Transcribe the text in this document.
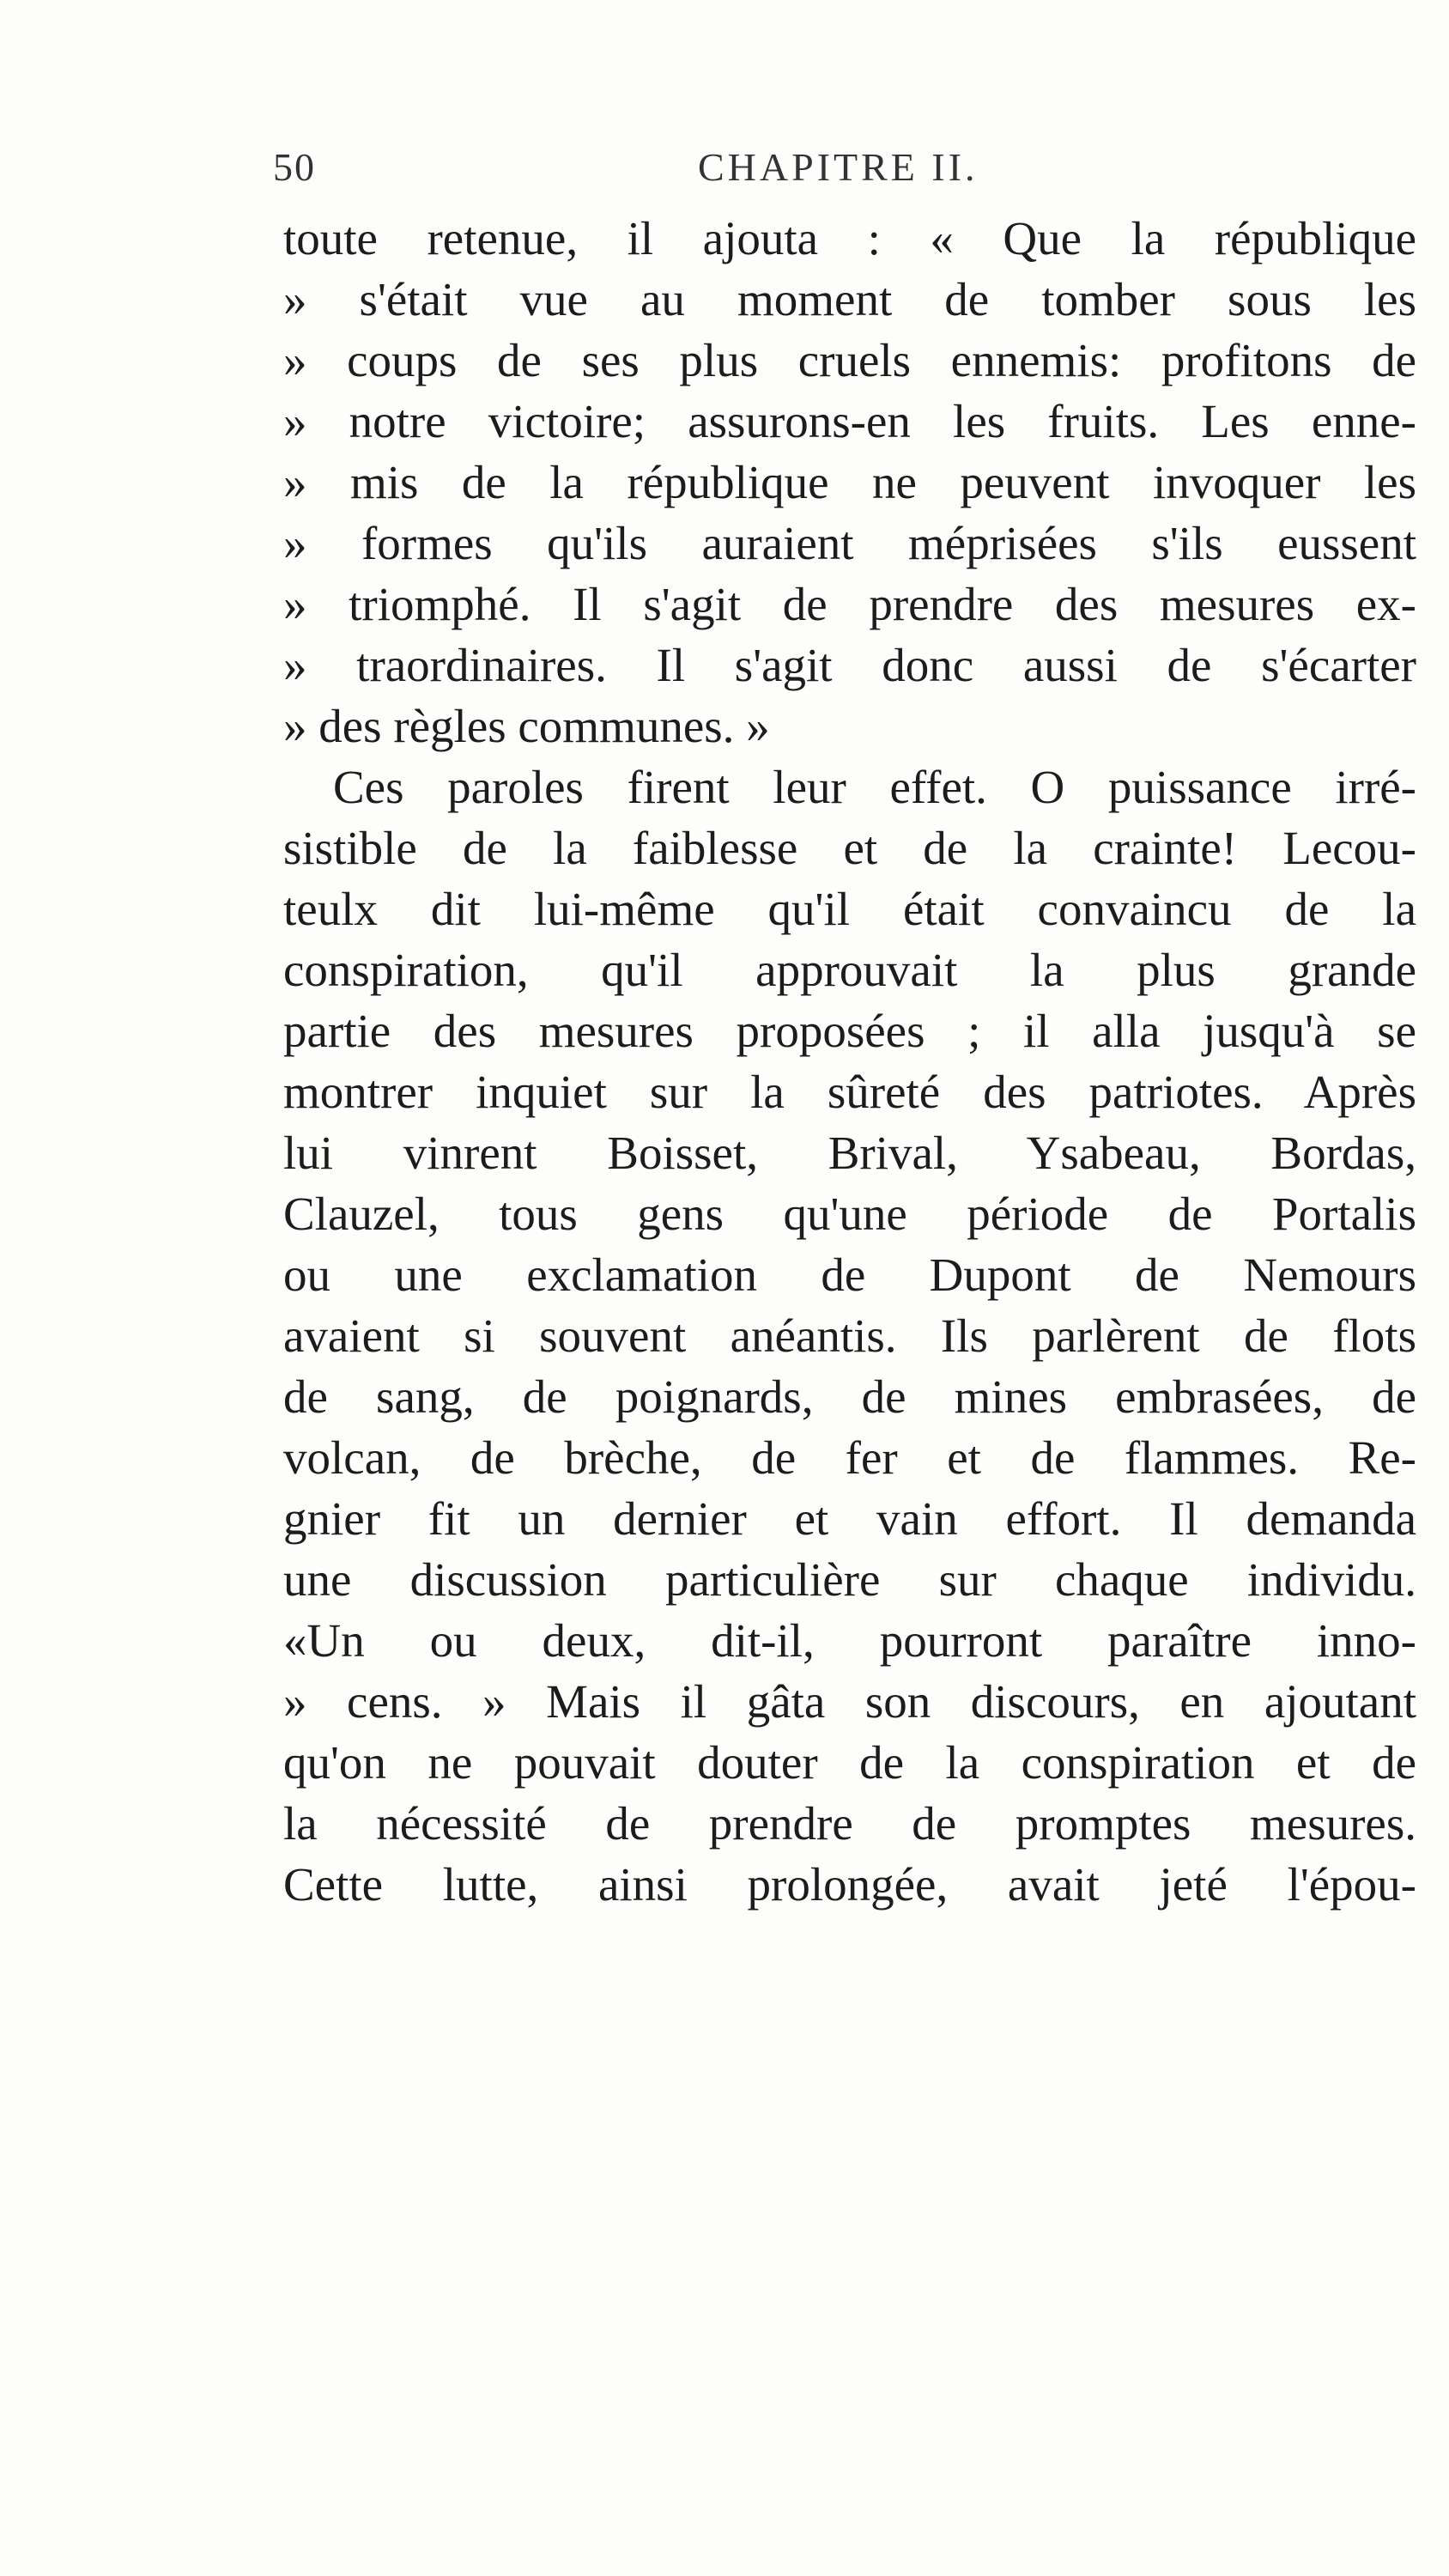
50	CHAPITRE II.
toute retenue, il ajouta : « Que la république
» s'était vue au moment de tomber sous les
» coups de ses plus cruels ennemis: profitons de
» notre victoire; assurons-en les fruits. Les enne-
» mis de la république ne peuvent invoquer les
» formes qu'ils auraient méprisées s'ils eussent
» triomphé. Il s'agit de prendre des mesures ex-
» traordinaires. Il s'agit donc aussi de s'écarter
» des règles communes. »
Ces paroles firent leur effet. O puissance irré-
sistible de la faiblesse et de la crainte! Lecou-
teulx dit lui-même qu'il était convaincu de la
conspiration, qu'il approuvait la plus grande
partie des mesures proposées ; il alla jusqu'à se
montrer inquiet sur la sûreté des patriotes. Après
lui vinrent Boisset, Brival, Ysabeau, Bordas,
Clauzel, tous gens qu'une période de Portalis
ou une exclamation de Dupont de Nemours
avaient si souvent anéantis. Ils parlèrent de flots
de sang, de poignards, de mines embrasées, de
volcan, de brèche, de fer et de flammes. Re-
gnier fit un dernier et vain effort. Il demanda
une discussion particulière sur chaque individu.
«Un ou deux, dit-il, pourront paraître inno-
» cens. » Mais il gâta son discours, en ajoutant
qu'on ne pouvait douter de la conspiration et de
la nécessité de prendre de promptes mesures.
Cette lutte, ainsi prolongée, avait jeté l'épou-
